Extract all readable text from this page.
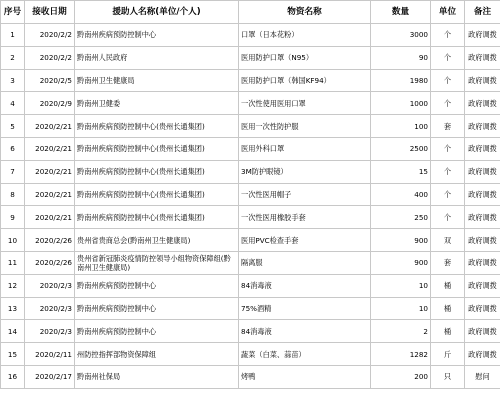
序号	接收日期	援助人名称(单位/个人)	物资名称	数量	单位	备注
1	2020/2/2	黔南州疾病预防控制中心	口罩（日本花粉）	3000	个	政府调拨
2	2020/2/2	黔南州人民政府	医用防护口罩（N95）	90	个	政府调拨
3	2020/2/5	黔南州卫生健康局	医用防护口罩（韩国KF94）	1980	个	政府调拨
4	2020/2/9	黔南州卫健委	一次性使用医用口罩	1000	个	政府调拨
5	2020/2/21	黔南州疾病预防控制中心(贵州长通集团)	医用一次性防护服	100	套	政府调拨
6	2020/2/21	黔南州疾病预防控制中心(贵州长通集团)	医用外科口罩	2500	个	政府调拨
7	2020/2/21	黔南州疾病预防控制中心(贵州长通集团)	3M防护眼镜）	15	个	政府调拨
8	2020/2/21	黔南州疾病预防控制中心(贵州长通集团)	一次性医用帽子	400	个	政府调拨
9	2020/2/21	黔南州疾病预防控制中心(贵州长通集团)	一次性医用橡胶手套	250	个	政府调拨
10	2020/2/26	贵州省贵商总会(黔南州卫生健康局)	医用PVC检查手套	900	双	政府调拨
11	2020/2/26	贵州省新冠肺炎疫情防控领导小组物资保障组(黔南州卫生健康局)	隔离服	900	套	政府调拨
12	2020/2/3	黔南州疾病预防控制中心	84消毒液	10	桶	政府调拨
13	2020/2/3	黔南州疾病预防控制中心	75%酒精	10	桶	政府调拨
14	2020/2/3	黔南州疾病预防控制中心	84消毒液	2	桶	政府调拨
15	2020/2/11	州防控指挥部物资保障组	蔬菜（白菜、蒜苗）	1282	斤	政府调拨
16	2020/2/17	黔南州社保局	烤鸭	200	只	慰问
